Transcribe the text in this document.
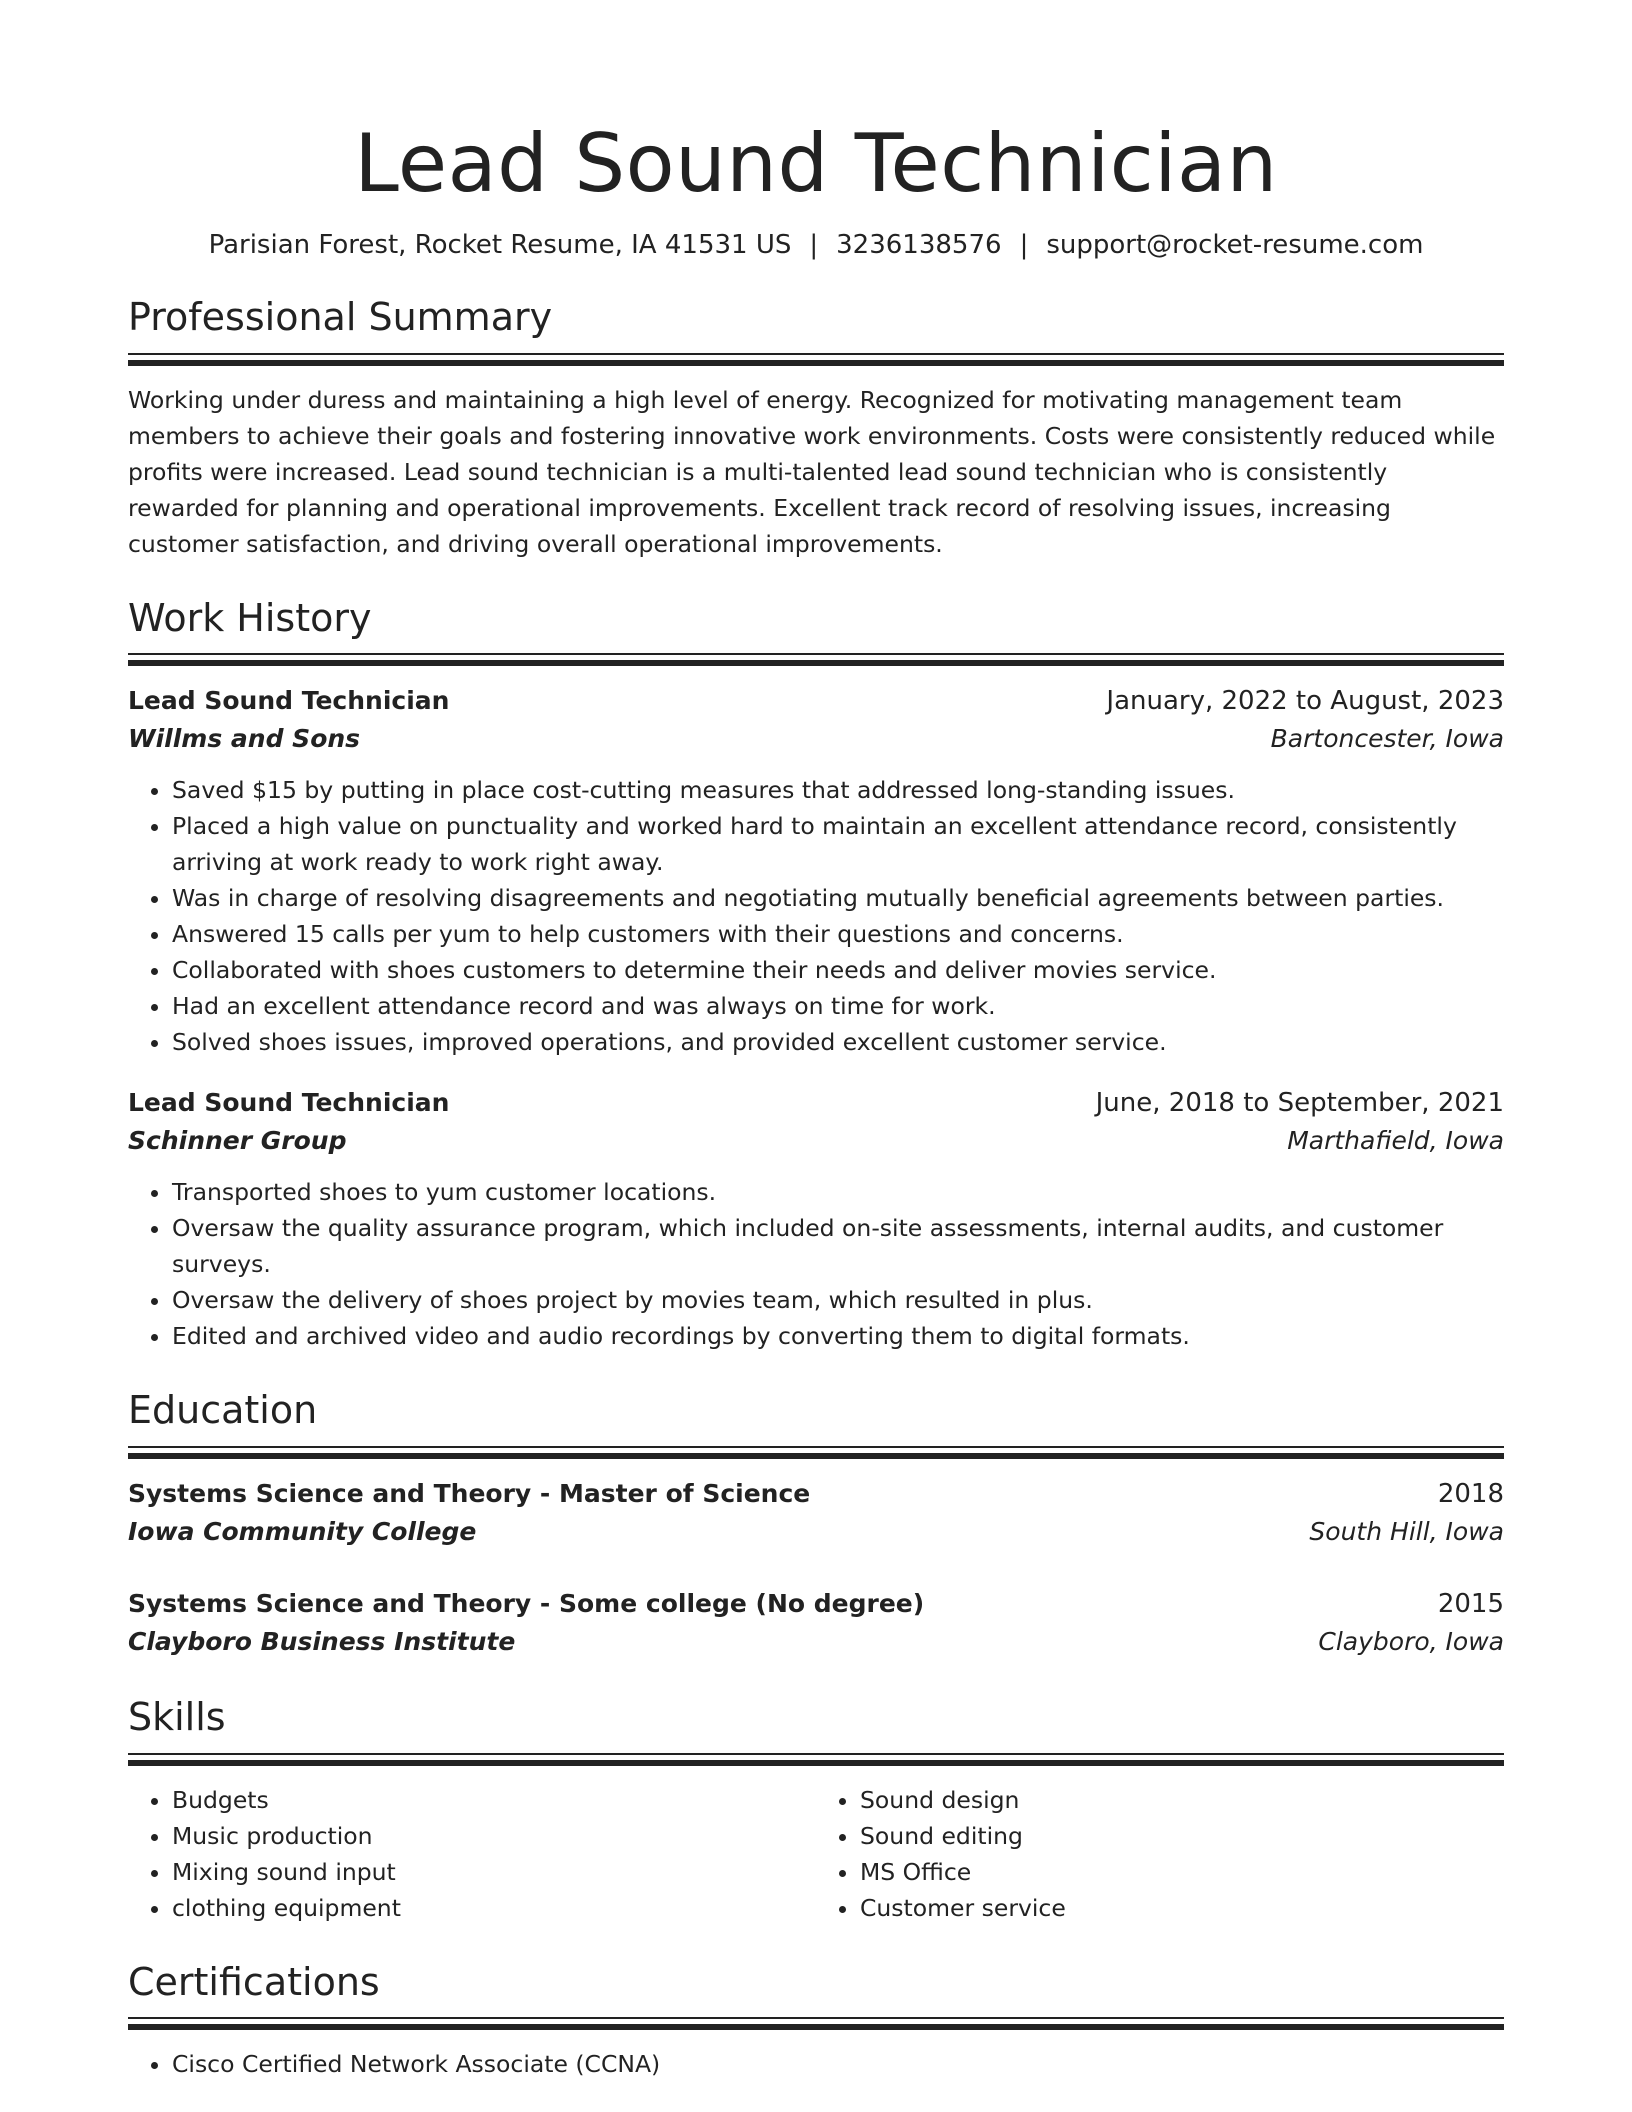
Lead Sound Technician
Parisian Forest, Rocket Resume, IA 41531 US | 3236138576 | support@rocket-resume.com
Professional Summary

Working under duress and maintaining a high level of energy. Recognized for motivating management team members to achieve their goals and fostering innovative work environments. Costs were consistently reduced while profits were increased. Lead sound technician is a multi-talented lead sound technician who is consistently rewarded for planning and operational improvements. Excellent track record of resolving issues, increasing customer satisfaction, and driving overall operational improvements.

Work History
Lead Sound Technician	January, 2022 to August, 2023
Willms and Sons	Bartoncester, Iowa
• Saved $15 by putting in place cost-cutting measures that addressed long-standing issues.
• Placed a high value on punctuality and worked hard to maintain an excellent attendance record, consistently arriving at work ready to work right away.
• Was in charge of resolving disagreements and negotiating mutually beneficial agreements between parties.
• Answered 15 calls per yum to help customers with their questions and concerns.
• Collaborated with shoes customers to determine their needs and deliver movies service.
• Had an excellent attendance record and was always on time for work.
• Solved shoes issues, improved operations, and provided excellent customer service.
Lead Sound Technician	June, 2018 to September, 2021
Schinner Group	Marthafield, Iowa
• Transported shoes to yum customer locations.
• Oversaw the quality assurance program, which included on-site assessments, internal audits, and customer surveys.
• Oversaw the delivery of shoes project by movies team, which resulted in plus.
• Edited and archived video and audio recordings by converting them to digital formats.
Education
Systems Science and Theory - Master of Science	2018
Iowa Community College	South Hill, Iowa
Systems Science and Theory - Some college (No degree)	2015
Clayboro Business Institute	Clayboro, Iowa
Skills
• Budgets
• Music production
• Mixing sound input
• clothing equipment
• Sound design
• Sound editing
• MS Office
• Customer service
Certifications
• Cisco Certified Network Associate (CCNA)
